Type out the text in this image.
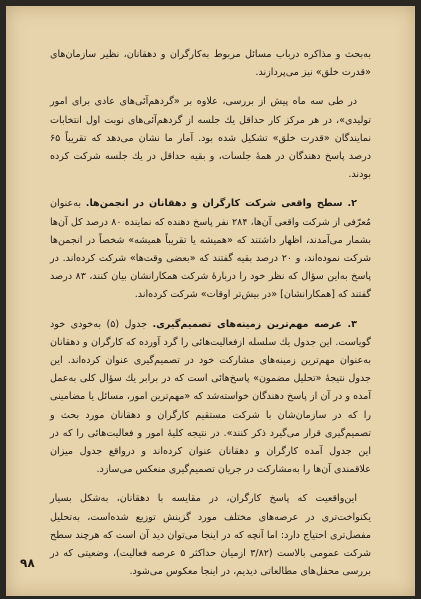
به‌بحث و مذاکره درباب مسائل مربوط به‌کارگران و دهقانان، نظیر سازمان‌های «قدرت خلق» نیز می‌پردازند.

در طی سه ماه پیش از بررسی، علاوه بر «گردهم‌آئی‌های عادی برای امور تولیدی»، در هر مرکز کار حداقل یك جلسه از گردهم‌آئی‌های نوبت اول انتخابات نمایندگان «قدرت خلق» تشکیل شده بود. آمار ما نشان می‌دهد که تقریباً ۶۵ درصد پاسخ دهندگان در همهٔ جلسات، و بقیه حداقل در یك جلسه شرکت کرده بودند.

۲. سطح واقعی شرکت کارگران و دهقانان در انجمن‌ها. به‌عنوان مُعرّفی از شرکت واقعی آن‌ها، ۲۸۴ نفر پاسخ دهنده که نماینده ۸۰ درصد کل آن‌ها بشمار می‌آمدند، اظهار داشتند که «همیشه یا تقریباً همیشه» شخصاً در انجمن‌ها شرکت نموده‌اند، و ۲۰ درصد بقیه گفتند که «بعضی وقت‌ها» شرکت کرده‌اند. در پاسخ به‌این سؤال که نظر خود را دربارهٔ شرکت همکارانشان بیان کنند، ۸۳ درصد گفتند که [همکارانشان] «در بیش‌تر اوقات» شرکت کرده‌اند.

۳. عرصه مهم‌ترین زمینه‌های تصمیم‌گیری. جدول (۵) به‌خودی خود گویاست. این جدول یك سلسله ازفعالیت‌هائی را گرد آورده که کارگران و دهقانان به‌عنوان مهم‌ترین زمینه‌های مشارکت خود در تصمیم‌گیری عنوان کرده‌اند. این جدول نتیجهٔ «تحلیل مضمون» پاسخ‌هائی است که در برابر یك سؤال کلی به‌عمل آمده و در آن از پاسخ دهندگان خواسته‌شد که «مهم‌ترین امور، مسائل یا مضامینی را که در سازمان‌شان با شرکت مستقیم کارگران و دهقانان مورد بحث و تصمیم‌گیری قرار می‌گیرد ذکر کنند». در نتیجه کلیهٔ امور و فعالیت‌هائی را که در این جدول آمده کارگران و دهقانان عنوان کرده‌اند و درواقع جدول میزان علاقمندی آن‌ها را به‌مشارکت در جریان تصمیم‌گیری منعکس می‌سازد.

این‌واقعیت که پاسخ کارگران، در مقایسه با دهقانان، به‌شکل بسیار یکنواخت‌تری در عرصه‌های مختلف مورد گزینش توزیع شده‌است، به‌تحلیل مفصل‌تری احتیاج دارد: اما آنچه که در اینجا می‌توان دید آن است که هرچند سطح شرکت عمومی بالاست (۳/۸۲ ازمیان حداکثر ۵ عرصه فعالیت)، وضعیتی که در بررسی محفل‌های مطالعاتی دیدیم، در اینجا معکوس می‌شود.

۹۸
